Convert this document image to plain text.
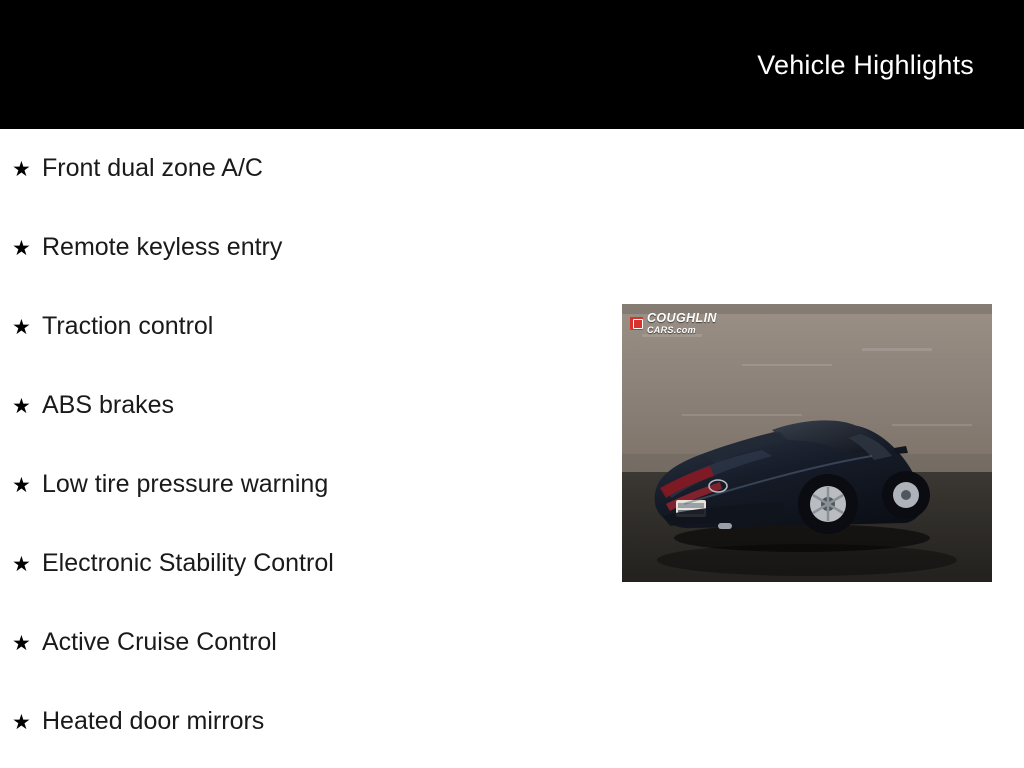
Vehicle Highlights
★ Front dual zone A/C
★ Remote keyless entry
★ Traction control
★ ABS brakes
★ Low tire pressure warning
★ Electronic Stability Control
★ Active Cruise Control
★ Heated door mirrors
COUGHLIN
CARS.com
